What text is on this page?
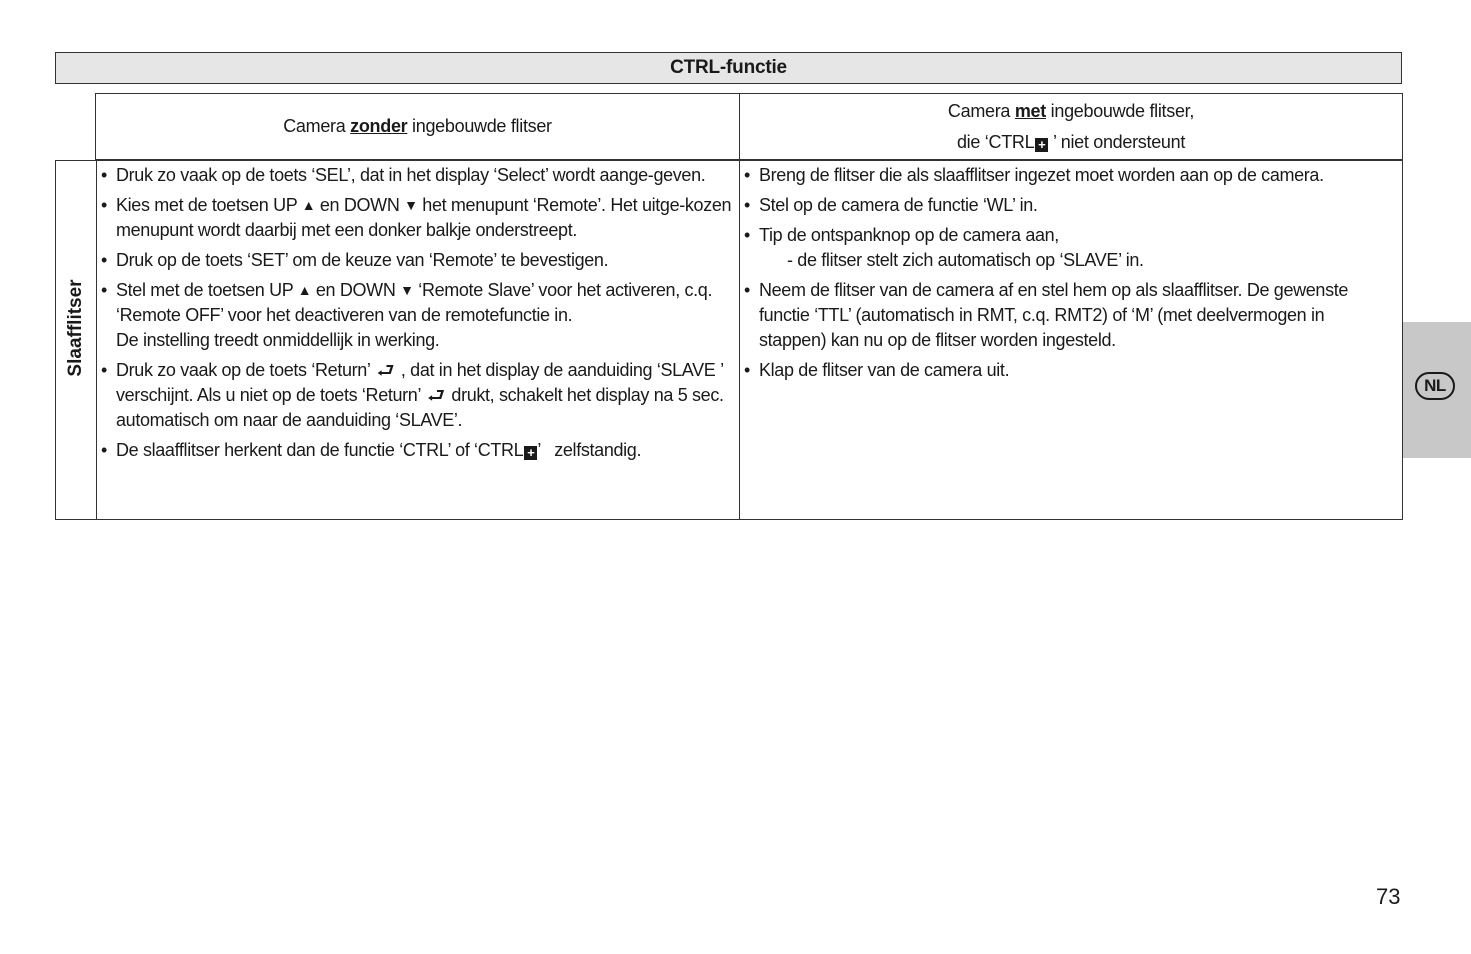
CTRL-functie
Camera zonder ingebouwde flitser
Camera met ingebouwde flitser,
die ‘CTRL + ’ niet ondersteunt
Slaafflitser
• Druk zo vaak op de toets ‘SEL’, dat in het display ‘Select’ wordt aange-geven.
• Kies met de toetsen UP ▲ en DOWN ▼ het menupunt ‘Remote’. Het uitge-kozen menupunt wordt daarbij met een donker balkje onderstreept.
• Druk op de toets ‘SET’ om de keuze van ‘Remote’ te bevestigen.
• Stel met de toetsen UP ▲ en DOWN ▼ ‘Remote Slave’ voor het activeren, c.q. ‘Remote OFF’ voor het deactiveren van de remotefunctie in.
De instelling treedt onmiddellijk in werking.
• Druk zo vaak op de toets ‘Return’ ⮐ , dat in het display de aanduiding ‘SLAVE ’ verschijnt. Als u niet op de toets ‘Return’ ⮐ drukt, schakelt het display na 5 sec. automatisch om naar de aanduiding ‘SLAVE’.
• De slaafflitser herkent dan de functie ‘CTRL’ of ‘CTRL + ’   zelfstandig.
• Breng de flitser die als slaafflitser ingezet moet worden aan op de camera.
• Stel op de camera de functie ‘WL’ in.
• Tip de ontspanknop op de camera aan,
- de flitser stelt zich automatisch op ‘SLAVE’ in.
• Neem de flitser van de camera af en stel hem op als slaafflitser. De gewenste functie ‘TTL’ (automatisch in RMT, c.q. RMT2) of ‘M’ (met deelvermogen in stappen) kan nu op de flitser worden ingesteld.
• Klap de flitser van de camera uit.
NL
73
